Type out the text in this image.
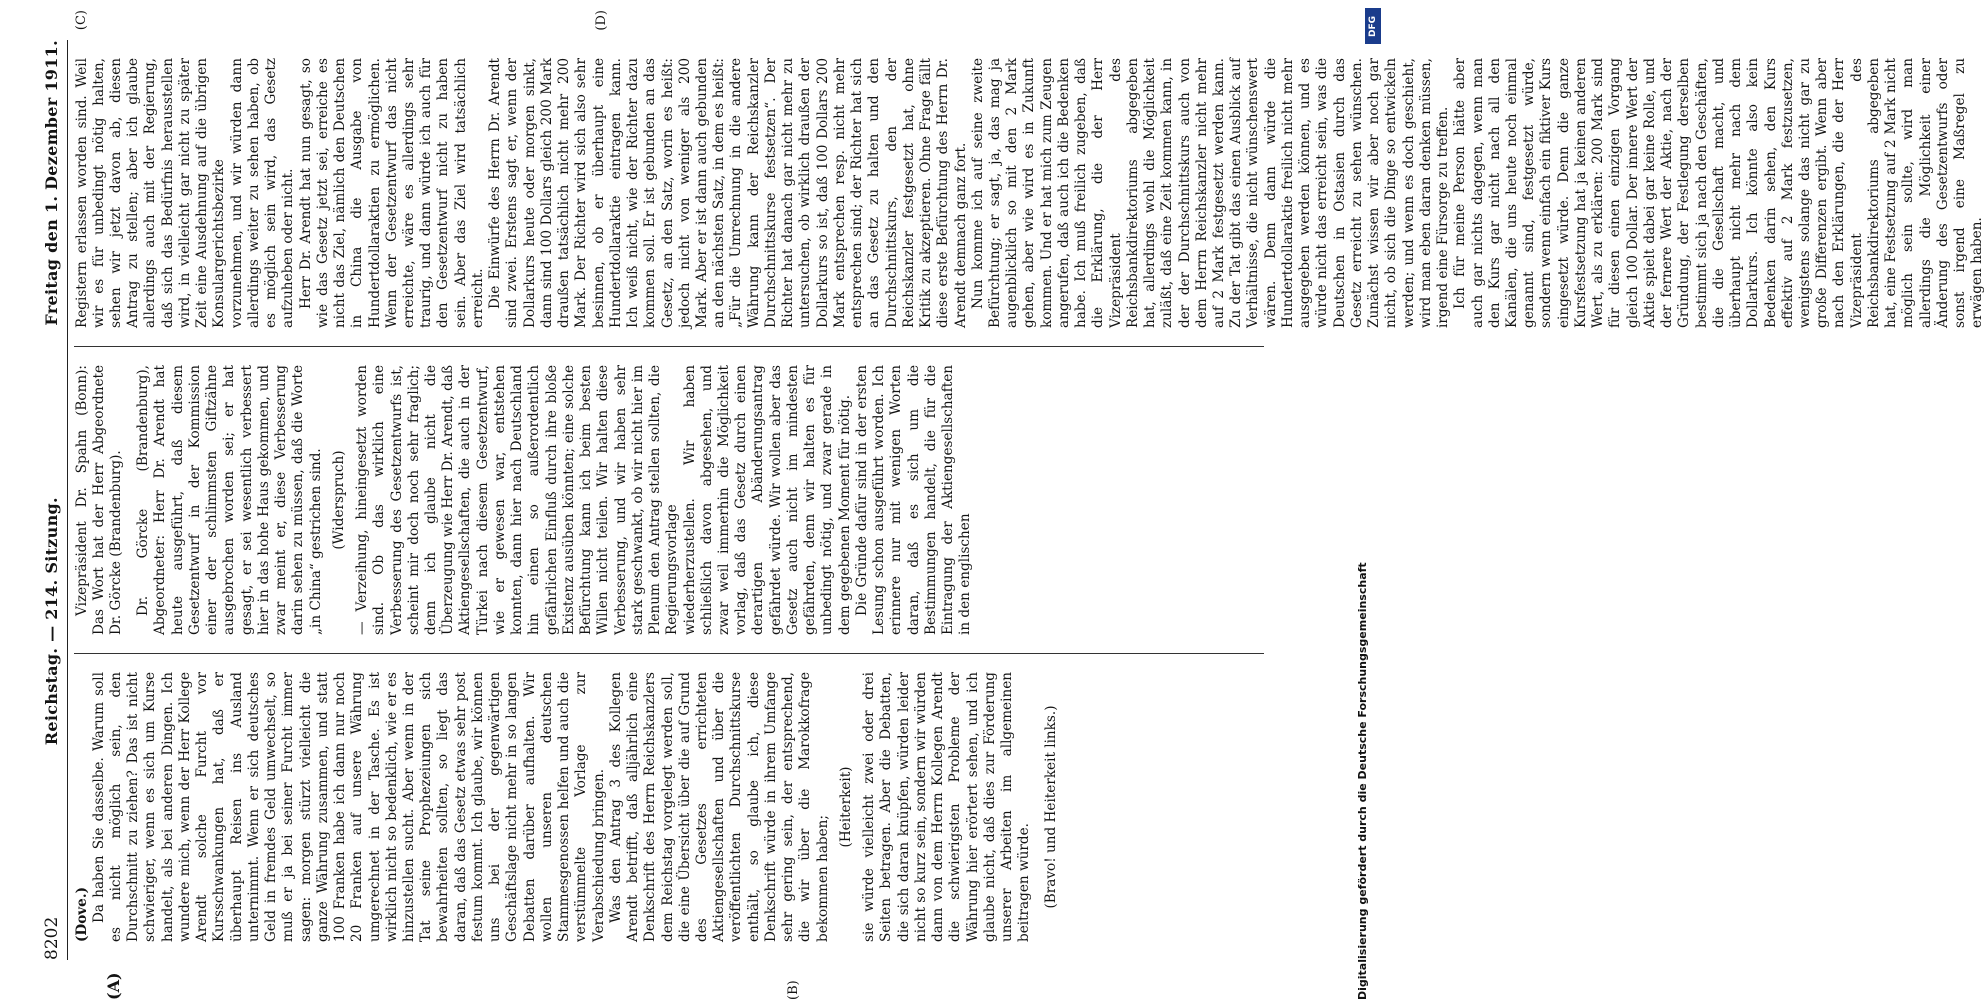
8202
Reichstag. — 214. Sitzung.
Freitag den 1. Dezember 1911.
(A)	(B)

(Dove.) Da haben Sie dasselbe. Warum soll es nicht möglich sein, den Durchschnitt zu ziehen? Das ist nicht schwieriger, wenn es sich um Kurse handelt, als bei anderen Dingen. Ich wundere mich, wenn der Herr Kollege Arendt solche Furcht vor Kursschwankungen hat, daß er überhaupt Reisen ins Ausland unternimmt. Wenn er sich deutsches Geld in fremdes Geld umwechselt, so muß er ja bei seiner Furcht immer sagen: morgen stürzt vielleicht die ganze Währung zusammen, und statt 100 Franken habe ich dann nur noch 20 Franken auf unsere Währung umgerechnet in der Tasche. Es ist wirklich nicht so bedenklich, wie er es hinzustellen sucht. Aber wenn in der Tat seine Prophezeiungen sich bewahrheiten sollten, so liegt das daran, daß das Gesetz etwas sehr post festum kommt. Ich glaube, wir können uns bei der gegenwärtigen Geschäftslage nicht mehr in so langen Debatten darüber aufhalten. Wir wollen unseren deutschen Stammesgenossen helfen und auch die verstümmelte Vorlage zur Verabschiedung bringen. Was den Antrag 3 des Kollegen Arendt betrifft, daß alljährlich eine Denkschrift des Herrn Reichskanzlers dem Reichstag vorgelegt werden soll, die eine Übersicht über die auf Grund des Gesetzes errichteten Aktiengesellschaften und über die veröffentlichten Durchschnittskurse enthält, so glaube ich, diese Denkschrift würde in ihrem Umfange sehr gering sein, der entsprechend, die wir über die Marokkofrage bekommen haben;

(Heiterkeit) sie würde vielleicht zwei oder drei Seiten betragen. Aber die Debatten, die sich daran knüpfen, würden leider nicht so kurz sein, sondern wir würden dann von dem Herrn Kollegen Arendt die schwierigsten Probleme der Währung hier erörtert sehen, und ich glaube nicht, daß dies zur Förderung unserer Arbeiten im allgemeinen beitragen würde. (Bravo! und Heiterkeit links.)

Vizepräsident Dr. Spahn (Bonn): Das Wort hat der Herr Abgeordnete Dr. Görcke (Brandenburg). Dr. Görcke (Brandenburg), Abgeordneter: Herr Dr. Arendt hat heute ausgeführt, daß diesem Gesetzentwurf in der Kommission einer der schlimmsten Giftzähne ausgebrochen worden sei; er hat gesagt, er sei wesentlich verbessert hier in das hohe Haus gekommen, und zwar meint er, diese Verbesserung darin sehen zu müssen, daß die Worte „in China“ gestrichen sind. (Widerspruch) — Verzeihung, hineingesetzt worden sind. Ob das wirklich eine Verbesserung des Gesetzentwurfs ist, scheint mir doch noch sehr fraglich; denn ich glaube nicht die Überzeugung wie Herr Dr. Arendt, daß Aktiengesellschaften, die auch in der Türkei nach diesem Gesetzentwurf, wie er gewesen war, entstehen konnten, dann hier nach Deutschland hin einen so außerordentlich gefährlichen Einfluß durch ihre bloße Existenz ausüben könnten; eine solche Befürchtung kann ich beim besten Willen nicht teilen. Wir halten diese Verbesserung, und wir haben sehr stark geschwankt, ob wir nicht hier im Plenum den Antrag stellen sollten, die Regierungsvorlage wiederherzustellen. Wir haben schließlich davon abgesehen, und zwar weil immerhin die Möglichkeit vorlag, daß das Gesetz durch einen derartigen Abänderungsantrag gefährdet würde. Wir wollen aber das Gesetz auch nicht im mindesten gefährden, denn wir halten es für unbedingt nötig, und zwar gerade in dem gegebenen Moment für nötig. Die Gründe dafür sind in der ersten Lesung schon ausgeführt worden. Ich erinnere nur mit wenigen Worten daran, daß es sich um die Bestimmungen handelt, die für die Eintragung der Aktiengesellschaften in den englischen

(C)	(D)

Registern erlassen worden sind. Weil wir es für unbedingt nötig halten, sehen wir jetzt davon ab, diesen Antrag zu stellen; aber ich glaube allerdings auch mit der Regierung, daß sich das Bedürfnis herausstellen wird, in vielleicht gar nicht zu später Zeit eine Ausdehnung auf die übrigen Konsulargerichtsbezirke vorzunehmen, und wir würden dann allerdings weiter zu sehen haben, ob es möglich sein wird, das Gesetz aufzuheben oder nicht. Herr Dr. Arendt hat nun gesagt, so wie das Gesetz jetzt sei, erreiche es nicht das Ziel, nämlich den Deutschen in China die Ausgabe von Hundertdollaraktien zu ermöglichen. Wenn der Gesetzentwurf das nicht erreichte, wäre es allerdings sehr traurig, und dann würde ich auch für den Gesetzentwurf nicht zu haben sein. Aber das Ziel wird tatsächlich erreicht. Die Einwürfe des Herrn Dr. Arendt sind zwei. Erstens sagt er, wenn der Dollarkurs heute oder morgen sinkt, dann sind 100 Dollars gleich 200 Mark draußen tatsächlich nicht mehr 200 Mark. Der Richter wird sich also sehr besinnen, ob er überhaupt eine Hundertdollaraktie eintragen kann. Ich weiß nicht, wie der Richter dazu kommen soll. Er ist gebunden an das Gesetz, an den Satz, worin es heißt: jedoch nicht von weniger als 200 Mark. Aber er ist dann auch gebunden an den nächsten Satz, in dem es heißt: „Für die Umrechnung in die andere Währung kann der Reichskanzler Durchschnittskurse festsetzen“. Der Richter hat danach gar nicht mehr zu untersuchen, ob wirklich draußen der Dollarkurs so ist, daß 100 Dollars 200 Mark entsprechen resp. nicht mehr entsprechen sind; der Richter hat sich an das Gesetz zu halten und den Durchschnittskurs, den der Reichskanzler festgesetzt hat, ohne Kritik zu akzeptieren. Ohne Frage fällt diese erste Befürchtung des Herrn Dr. Arendt demnach ganz fort. Nun komme ich auf seine zweite Befürchtung; er sagt, ja, das mag ja augenblicklich so mit den 2 Mark gehen, aber wie wird es in Zukunft kommen. Und er hat mich zum Zeugen angerufen, daß auch ich die Bedenken habe. Ich muß freilich zugeben, daß die Erklärung, die der Herr Vizepräsident des Reichsbankdirektoriums abgegeben hat, allerdings wohl die Möglichkeit zuläßt, daß eine Zeit kommen kann, in der der Durchschnittskurs auch von dem Herrn Reichskanzler nicht mehr auf 2 Mark festgesetzt werden kann. Zu der Tat gibt das einen Ausblick auf Verhältnisse, die nicht wünschenswert wären. Denn dann würde die Hundertdollaraktie freilich nicht mehr ausgegeben werden können, und es würde nicht das erreicht sein, was die Deutschen in Ostasien durch das Gesetz erreicht zu sehen wünschen. Zunächst wissen wir aber noch gar nicht, ob sich die Dinge so entwickeln werden; und wenn es doch geschieht, wird man eben daran denken müssen, irgend eine Fürsorge zu treffen. Ich für meine Person hätte aber auch gar nichts dagegen, wenn man den Kurs gar nicht nach all den Kanälen, die uns heute noch einmal genannt sind, festgesetzt würde, sondern wenn einfach ein fiktiver Kurs eingesetzt würde. Denn die ganze Kursfestsetzung hat ja keinen anderen Wert, als zu erklären: 200 Mark sind für diesen einen einzigen Vorgang gleich 100 Dollar. Der innere Wert der Aktie spielt dabei gar keine Rolle, und der fernere Wert der Aktie, nach der Gründung, der Festlegung derselben bestimmt sich ja nach den Geschäften, die die Gesellschaft macht, und überhaupt nicht mehr nach dem Dollarkurs. Ich könnte also kein Bedenken darin sehen, den Kurs effektiv auf 2 Mark festzusetzen, wenigstens solange das nicht gar zu große Differenzen ergibt. Wenn aber nach den Erklärungen, die der Herr Vizepräsident des Reichsbankdirektoriums abgegeben hat, eine Festsetzung auf 2 Mark nicht möglich sein sollte, wird man allerdings die Möglichkeit einer Änderung des Gesetzentwurfs oder sonst irgend eine Maßregel zu erwägen haben.

DFG
Digitalisierung gefördert durch die Deutsche Forschungsgemeinschaft
